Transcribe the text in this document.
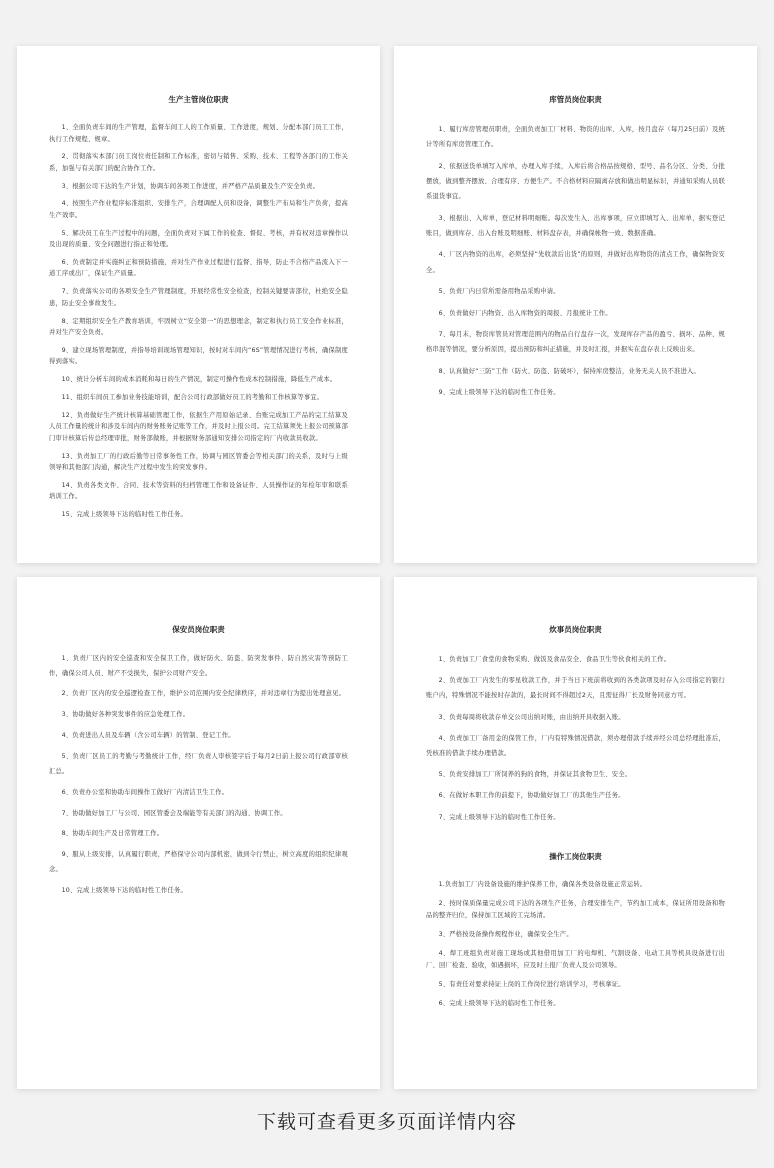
生产主管岗位职责

1、全面负责车间的生产管理，监督车间工人的工作质量、工作进度，规划、分配本部门员工工作，执行工作规程、规章。

2、贯彻落实本部门员工岗位责任制和工作标准，密切与销售、采购、技术、工程等各部门的工作关系，加强与有关部门的配合协作工作。

3、根据公司下达的生产计划，协调车间各项工作进度，并严格产品质量及生产安全负责。

4、按照生产作业程序标准组织、安排生产，合理调配人员和设备，调整生产布局和生产负荷，提高生产效率。

5、解决员工在生产过程中的问题，全面负责对下属工作的检查、督促、考核，并有权对违章操作以及出现的质量、安全问题进行指正和处理。

6、负责制定并实施纠正和预防措施，并对生产作业过程进行监督、指导，防止不合格产品流入下一道工序或出厂，保证生产质量。

7、负责落实公司的各项安全生产管理制度，开展经常性安全检查，控制关键要害部位，杜绝安全隐患，防止安全事故发生。

8、定期组织安全生产教育培训，牢固树立“安全第一”的思想理念，制定和执行员工安全作业标准，并对生产安全负责。

9、建立现场管理制度，并指导培训现场管理知识，按时对车间内“6S”管理情况进行考核，确保制度得到落实。

10、统计分析车间的成本消耗和每日的生产情况，制定可操作性成本控制措施，降低生产成本。

11、组织车间员工参加业务技能培训，配合公司行政部做好员工的考勤和工作核算等事宜。

12、负责做好生产统计核算基础管理工作，依据生产用原始记录、台账完成加工产品的完工结算及人员工作量的统计和涉及车间内的财务账务记账等工作，并及时上报公司。完工结算须先上报公司预算部门审计核算后传总经理审批，财务部做账，并根据财务部通知安排公司指定的厂内收款员收款。

13、负责加工厂的行政后勤等日常事务性工作，协调与园区管委会等相关部门的关系，及时与上级领导和其他部门沟通，解决生产过程中发生的突发事件。

14、负责各类文件、合同、技术等资料的归档管理工作和设备证件、人员操作证的年检年审和联系培训工作。

15、完成上级领导下达的临时性工作任务。

库管员岗位职责

1、履行库房管理员职责，全面负责加工厂材料、物资的出库、入库，按月盘存（每月25日前）及统计等所有库房管理工作。

2、依据送货单填写入库单，办理入库手续，入库后将合格品按规格、型号、品名分区、分类、分批摆放，做到整齐摆放、合理有序、方便生产。不合格材料应隔离存放和做出明显标识，并通知采购人员联系退货事宜。

3、根据出、入库单，登记材料明细账。每次发生入、出库事项，应立即填写入、出库单，据实登记账目，做到库存、出入台账及明细账、材料盘存表，并确保帐物一致、数据准确。

4、厂区内物资的出库，必须坚持“先收款后出货”的原则，并做好出库物资的清点工作，确保物资安全。

5、负责厂内日常所需备用物品采购申请。

6、负责做好厂内物资、出入库物资的周报、月报统计工作。

7、每月末，物资库管员对管理范围内的物品自行盘存一次，发现库存产品的盈亏、损坏、品种、规格串混等情况，要分析原因，提出预防和纠正措施，并及时汇报，并据实在盘存表上反映出来。

8、认真做好“三防”工作（防火、防盗、防破坏），保持库房整洁，业务无关人员不准进入。

9、完成上级领导下达的临时性工作任务。

保安员岗位职责

1、负责厂区内的安全巡查和安全保卫工作，做好防火、防盗、防突发事件、防自然灾害等预防工作，确保公司人员、财产不受损失，保护公司财产安全。

2、负责厂区内的安全巡逻检查工作，维护公司范围内安全纪律秩序，并对违章行为提出处理意见。

3、协助做好各种突发事件的应急处理工作。

4、负责进出人员及车辆（含公司车辆）的管制、登记工作。

5、负责厂区员工的考勤与考勤统计工作，经厂负责人审核签字后于每月2日前上报公司行政部审核汇总。

6、负责办公室和协助车间操作工做好厂内清洁卫生工作。

7、协助做好加工厂与公司、园区管委会及端能等有关部门的沟通、协调工作。

8、协助车间生产及日常管理工作。

9、服从上级安排，认真履行职责，严格保守公司内部机密，做到令行禁止，树立高度的组织纪律观念。

10、完成上级领导下达的临时性工作任务。

炊事员岗位职责

1、负责加工厂食堂的食物采购、做饭及食品安全、食品卫生等伙食相关的工作。

2、负责加工厂内发生的零星收款工作，并于当日下班前将收到的各类款项及时存入公司指定的银行账户内，特殊情况不能按时存款的，最长时间不得超过2天，且需征得厂长及财务同意方可。

3、负责每周将收款存单交公司出纳对账，由出纳开具收据入账。

4、负责加工厂备用金的保管工作，厂内有特殊情况借款，须办理借款手续并经公司总经理批准后，凭核准的借款手续办理借款。

5、负责安排加工厂所饲养的狗的食物，并保证其食物卫生、安全。

6、在做好本职工作的前提下，协助做好加工厂的其他生产任务。

7、完成上级领导下达的临时性工作任务。

操作工岗位职责

1.负责加工厂内设备设施的维护保养工作，确保各类设备设施正常运转。

2、按时保质保量完成公司下达的各项生产任务，合理安排生产，节约加工成本，保证所用设备和物品的整齐归位，保持加工区域的工完场清。

3、严格按设备操作规程作业，确保安全生产。

4、焊工班组负责对施工现场或其他借用加工厂的电焊机、气割设备、电动工具等机具设备进行出厂、回厂检查、验收，如遇损坏，应及时上报厂负责人及公司领导。

5、有责任对要求持证上岗的工作岗位进行培训学习，考核拿证。

6、完成上级领导下达的临时性工作任务。

下载可查看更多页面详情内容
